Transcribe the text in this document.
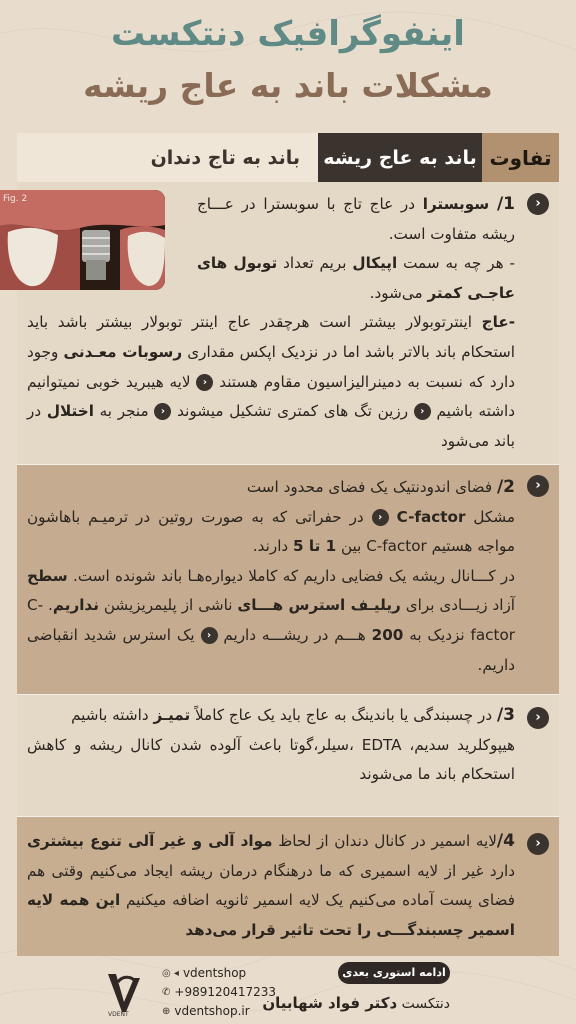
اینفوگرافیک دنتکست
مشکلات باند به عاج ریشه
تفاوت
باند به عاج ریشه
باند به تاج دندان
‹
1/ سوبسترا در عاج تاج با سوبسترا در عـــاج ریشه متفاوت است.
- هر چه به سمت اپیکال بریم تعداد توبول های عاجـی کمتر می‌شود.
-عاج اینترتوبولار بیشتر است هرچقدر عاج اینتر توبولار بیشتر باشد باید استحکام باند بالاتر باشد اما در نزدیک اپکس مقداری رسوبات معـدنی وجود دارد که نسبت به دمینرالیزاسیون مقاوم هستند ‹ لایه هیبرید خوبی نمیتوانیم داشته باشیم ‹ رزین تگ های کمتری تشکیل میشوند ‹ منجر به اختلال در باند می‌شود
Fig. 2
‹
2/ فضای اندودنتیک یک فضای محدود است
مشکل C-factor ‹ در حفراتی که به صورت روتین در ترمیـم باهاشون مواجه هستیم C-factor بین 1 تا 5 دارند.
در کـــانال ریشه یک فضایی داریم که کاملا دیواره‌هـا باند شونده است. سطح آزاد زیـــادی برای ریلیـف استرس هـــای ناشی از پلیمریزیشن نداریم. C-factor نزدیک به 200 هـــم در ریشـــه داریم ‹ یک استرس شدید انقباضی داریم.
‹
3/ در چسبندگی یا باندینگ به عاج باید یک عاج کاملاً تمیـز داشته باشیم
هیپوکلرید سدیم، EDTA ،سیلر،گوتا باعث آلوده شدن کانال ریشه و کاهش استحکام باند ما می‌شوند
‹
4/لایه اسمیر در کانال دندان از لحاظ مواد آلی و غیر آلی تنوع بیشتری دارد غیر از لایه اسمیری که ما درهنگام درمان ریشه ایجاد می‌کنیم وقتی هم فضای پست آماده می‌کنیم یک لایه اسمیر ثانویه اضافه میکنیم این همه لایه اسمیر چسبندگـــی را تحت تاثیر قرار می‌دهد
ادامه استوری بعدی
دنتکست دکتر فواد شهابیان
◎ ◂ vdentshop
✆ +989120417233
⊕ vdentshop.ir
VDENT
